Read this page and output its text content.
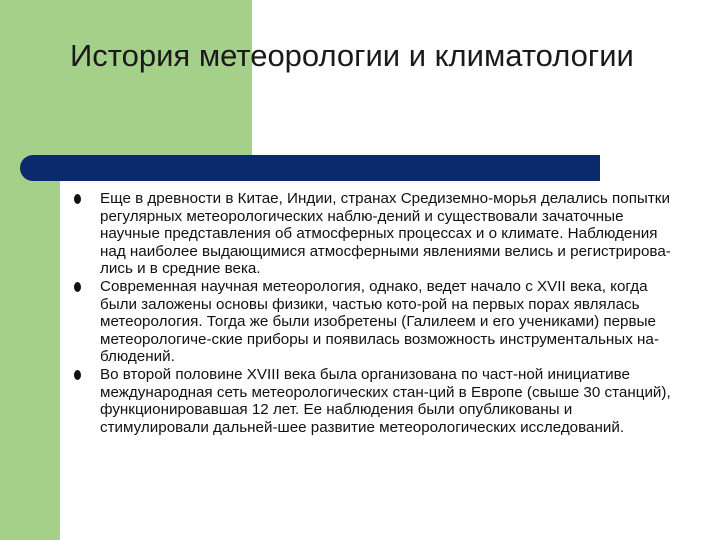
История метеорологии и климатологии
Еще в древности в Китае, Индии, странах Средиземно-морья делались попытки регулярных метеорологических наблю-дений и существовали зачаточные научные представления об атмосферных процессах и о климате. Наблюдения над наиболее выдающимися атмосферными явлениями велись и регистрирова-лись и в средние века.
Современная научная метеорология, однако, ведет начало с XVII века, когда были заложены основы физики, частью кото-рой на первых порах являлась метеорология. Тогда же были изобретены (Галилеем и его учениками) первые метеорологиче-ские приборы и появилась возможность инструментальных на-блюдений.
Во второй половине XVIII века была организована по част-ной инициативе международная сеть метеорологических стан-ций в Европе (свыше 30 станций), функционировавшая 12 лет. Ее наблюдения были опубликованы и стимулировали дальней-шее развитие метеорологических исследований.
